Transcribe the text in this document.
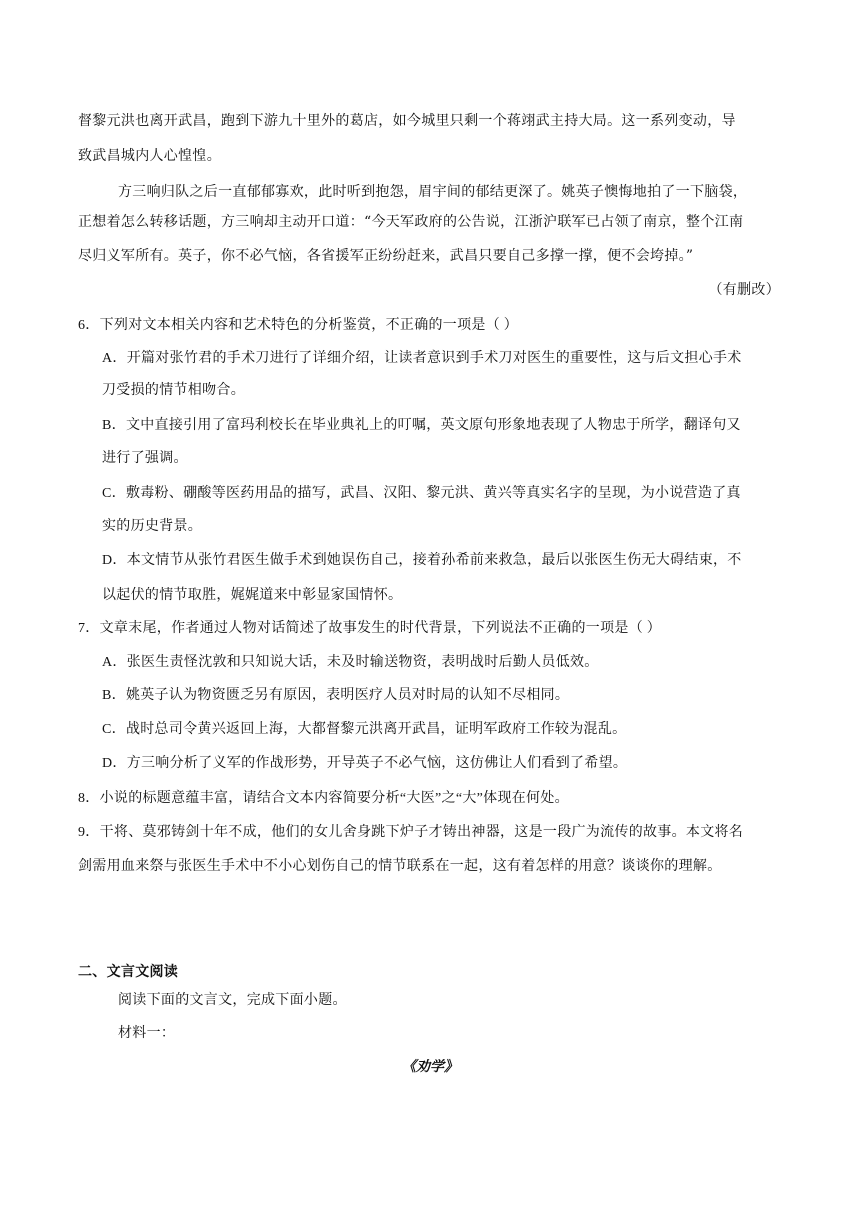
督黎元洪也离开武昌，跑到下游九十里外的葛店，如今城里只剩一个蒋翊武主持大局。这一系列变动，导
致武昌城内人心惶惶。
方三响归队之后一直郁郁寡欢，此时听到抱怨，眉宇间的郁结更深了。姚英子懊悔地拍了一下脑袋，
正想着怎么转移话题，方三响却主动开口道：“今天军政府的公告说，江浙沪联军已占领了南京，整个江南
尽归义军所有。英子，你不必气恼，各省援军正纷纷赶来，武昌只要自己多撑一撑，便不会垮掉。”
（有删改）
6．下列对文本相关内容和艺术特色的分析鉴赏，不正确的一项是（ ）
A．开篇对张竹君的手术刀进行了详细介绍，让读者意识到手术刀对医生的重要性，这与后文担心手术
刀受损的情节相吻合。
B．文中直接引用了富玛利校长在毕业典礼上的叮嘱，英文原句形象地表现了人物忠于所学，翻译句又
进行了强调。
C．敷毒粉、硼酸等医药用品的描写，武昌、汉阳、黎元洪、黄兴等真实名字的呈现，为小说营造了真
实的历史背景。
D．本文情节从张竹君医生做手术到她误伤自己，接着孙希前来救急，最后以张医生伤无大碍结束，不
以起伏的情节取胜，娓娓道来中彰显家国情怀。
7．文章末尾，作者通过人物对话简述了故事发生的时代背景，下列说法不正确的一项是（ ）
A．张医生责怪沈敦和只知说大话，未及时输送物资，表明战时后勤人员低效。
B．姚英子认为物资匮乏另有原因，表明医疗人员对时局的认知不尽相同。
C．战时总司令黄兴返回上海，大都督黎元洪离开武昌，证明军政府工作较为混乱。
D．方三响分析了义军的作战形势，开导英子不必气恼，这仿佛让人们看到了希望。
8．小说的标题意蕴丰富，请结合文本内容简要分析“大医”之“大”体现在何处。
9．干将、莫邪铸剑十年不成，他们的女儿舍身跳下炉子才铸出神器，这是一段广为流传的故事。本文将名
剑需用血来祭与张医生手术中不小心划伤自己的情节联系在一起，这有着怎样的用意？谈谈你的理解。
二、文言文阅读
阅读下面的文言文，完成下面小题。
材料一：
《劝学》
